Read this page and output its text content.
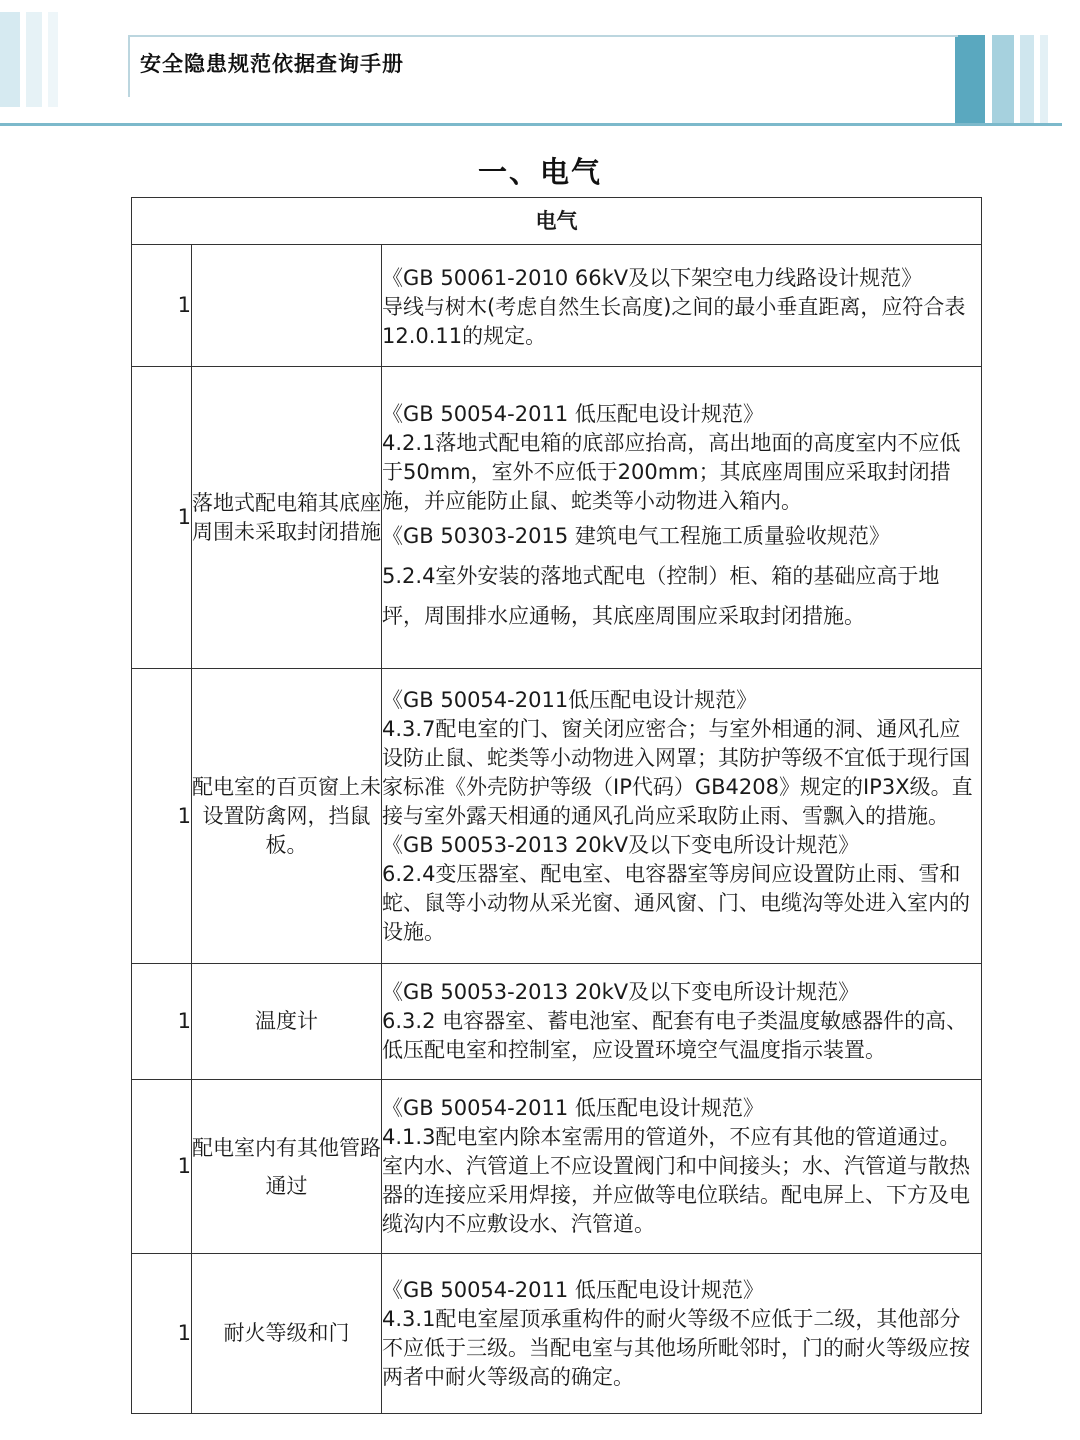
安全隐患规范依据查询手册
一、电气
电气		
1		《GB 50061-2010 66kV及以下架空电力线路设计规范》
导线与树木(考虑自然生长高度)之间的最小垂直距离，应符合表12.0.11的规定。

1	落地式配电箱其底座周围未采取封闭措施	《GB 50054-2011 低压配电设计规范》
4.2.1落地式配电箱的底部应抬高，高出地面的高度室内不应低于50mm，室外不应低于200mm；其底座周围应采取封闭措施，并应能防止鼠、蛇类等小动物进入箱内。
《GB 50303-2015 建筑电气工程施工质量验收规范》
5.2.4室外安装的落地式配电（控制）柜、箱的基础应高于地坪，周围排水应通畅，其底座周围应采取封闭措施。

1	配电室的百页窗上未设置防禽网，挡鼠板。	《GB 50054-2011低压配电设计规范》
4.3.7配电室的门、窗关闭应密合；与室外相通的洞、通风孔应设防止鼠、蛇类等小动物进入网罩；其防护等级不宜低于现行国家标准《外壳防护等级（IP代码）GB4208》规定的IP3X级。直接与室外露天相通的通风孔尚应采取防止雨、雪飘入的措施。
《GB 50053-2013 20kV及以下变电所设计规范》
6.2.4变压器室、配电室、电容器室等房间应设置防止雨、雪和蛇、鼠等小动物从采光窗、通风窗、门、电缆沟等处进入室内的设施。

1	温度计	《GB 50053-2013 20kV及以下变电所设计规范》
6.3.2 电容器室、蓄电池室、配套有电子类温度敏感器件的高、低压配电室和控制室，应设置环境空气温度指示装置。

1	配电室内有其他管路通过	《GB 50054-2011 低压配电设计规范》
4.1.3配电室内除本室需用的管道外，不应有其他的管道通过。室内水、汽管道上不应设置阀门和中间接头；水、汽管道与散热器的连接应采用焊接，并应做等电位联结。配电屏上、下方及电缆沟内不应敷设水、汽管道。

1	耐火等级和门	《GB 50054-2011 低压配电设计规范》
4.3.1配电室屋顶承重构件的耐火等级不应低于二级，其他部分不应低于三级。当配电室与其他场所毗邻时，门的耐火等级应按两者中耐火等级高的确定。
